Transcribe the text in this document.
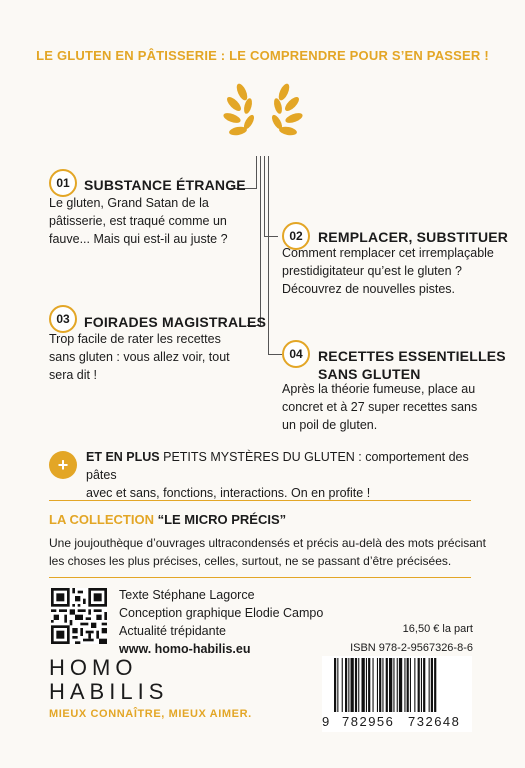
LE GLUTEN EN PÂTISSERIE : LE COMPRENDRE POUR S’EN PASSER !
01	SUBSTANCE ÉTRANGE
Le gluten, Grand Satan de la
pâtisserie, est traqué comme un
fauve... Mais qui est-il au juste ?	02	REMPLACER, SUBSTITUER
Comment remplacer cet irremplaçable
prestidigitateur qu’est le gluten ?
Découvrez de nouvelles pistes.
03	FOIRADES MAGISTRALES
Trop facile de rater les recettes
sans gluten : vous allez voir, tout
sera dit !
04	RECETTES ESSENTIELLES
SANS GLUTEN
Après la théorie fumeuse, place au
concret et à 27 super recettes sans
un poil de gluten.
+	ET EN PLUS PETITS MYSTÈRES DU GLUTEN : comportement des pâtes
avec et sans, fonctions, interactions. On en profite !
LA COLLECTION “LE MICRO PRÉCIS”
Une joujouthèque d’ouvrages ultracondensés et précis au-delà des mots précisant
les choses les plus précises, celles, surtout, ne se passant d’être précisées.
Texte Stéphane Lagorce
Conception graphique Elodie Campo
Actualité trépidante
www. homo-habilis.eu
16,50 € la part
ISBN 978-2-9567326-8-6
9 782956 732648
HOMO
HABILIS
MIEUX CONNAÎTRE, MIEUX AIMER.
